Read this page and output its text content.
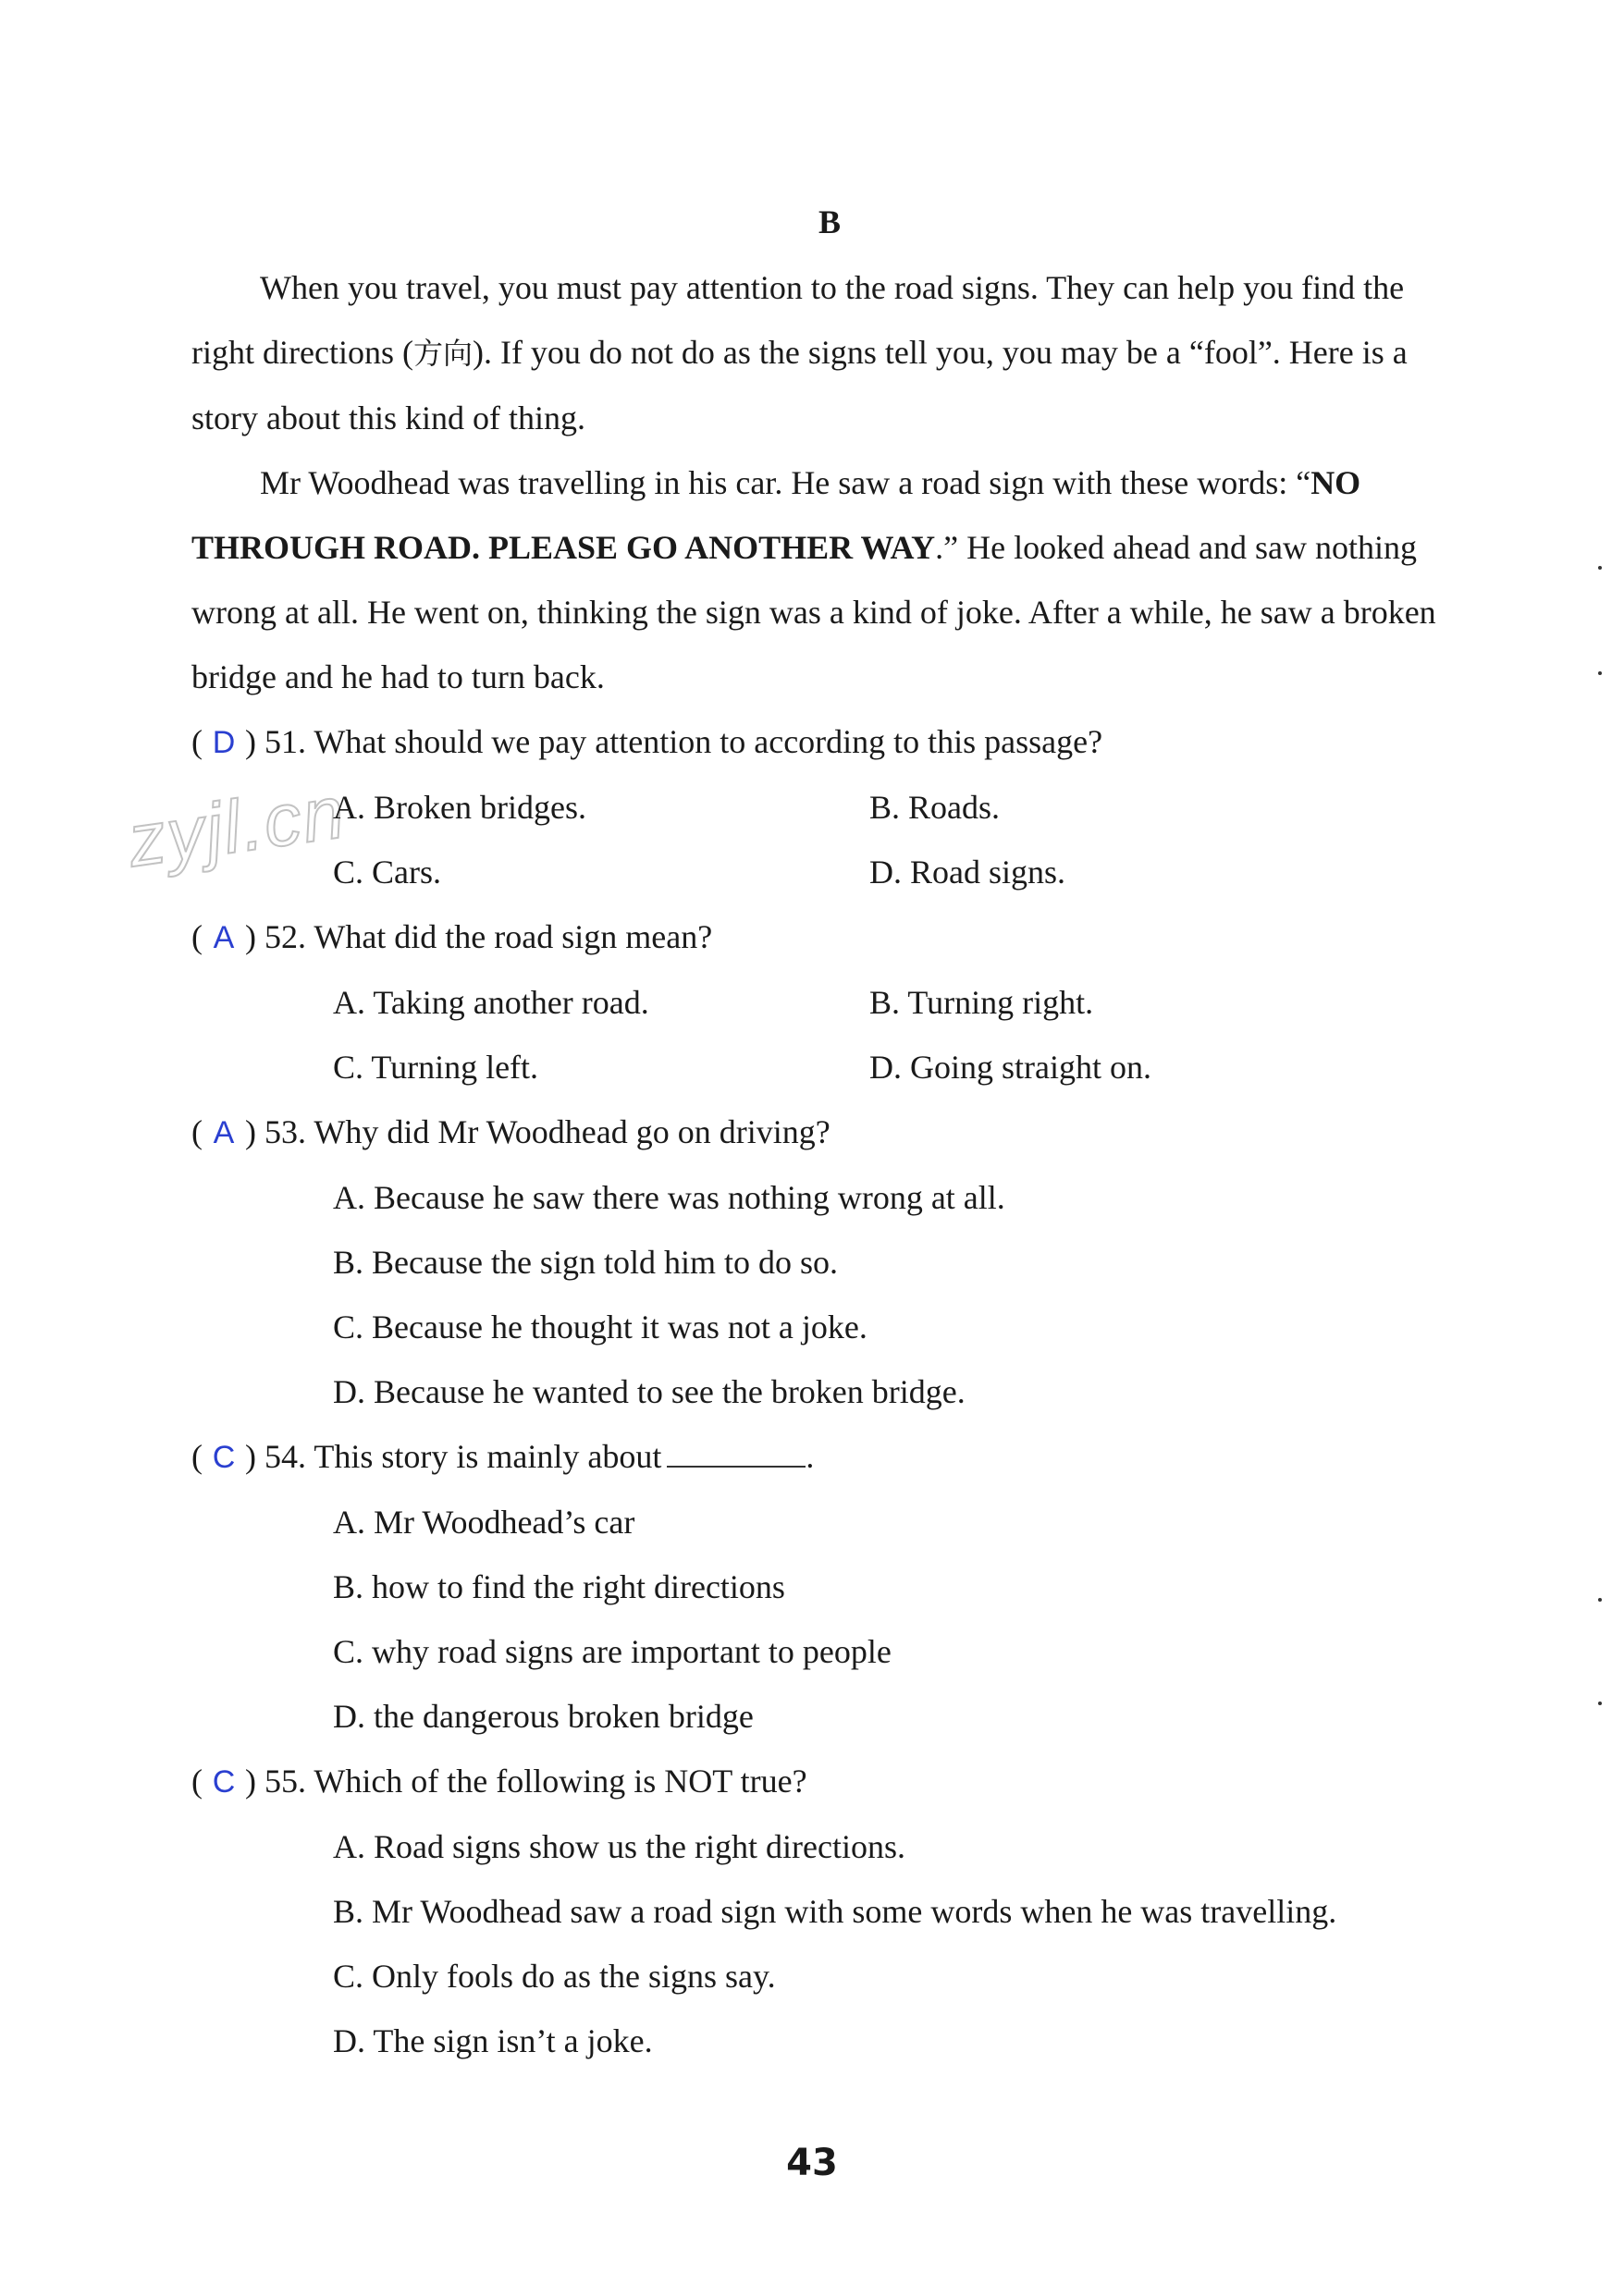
zyjl.cn
B

When you travel, you must pay attention to the road signs. They can help you find the right directions (方向). If you do not do as the signs tell you, you may be a “fool”. Here is a story about this kind of thing.

Mr Woodhead was travelling in his car. He saw a road sign with these words: “NO THROUGH ROAD. PLEASE GO ANOTHER WAY.” He looked ahead and saw nothing wrong at all. He went on, thinking the sign was a kind of joke. After a while, he saw a broken bridge and he had to turn back.

( D ) 51. What should we pay attention to according to this passage?
A. Broken bridges.	B. Roads.
C. Cars.	D. Road signs.
( A ) 52. What did the road sign mean?
A. Taking another road.	B. Turning right.
C. Turning left.	D. Going straight on.
( A ) 53. Why did Mr Woodhead go on driving?
A. Because he saw there was nothing wrong at all.
B. Because the sign told him to do so.
C. Because he thought it was not a joke.
D. Because he wanted to see the broken bridge.
( C ) 54. This story is mainly about	.
A. Mr Woodhead’s car
B. how to find the right directions
C. why road signs are important to people
D. the dangerous broken bridge
( C ) 55. Which of the following is NOT true?
A. Road signs show us the right directions.
B. Mr Woodhead saw a road sign with some words when he was travelling.
C. Only fools do as the signs say.
D. The sign isn’t a joke.
43
